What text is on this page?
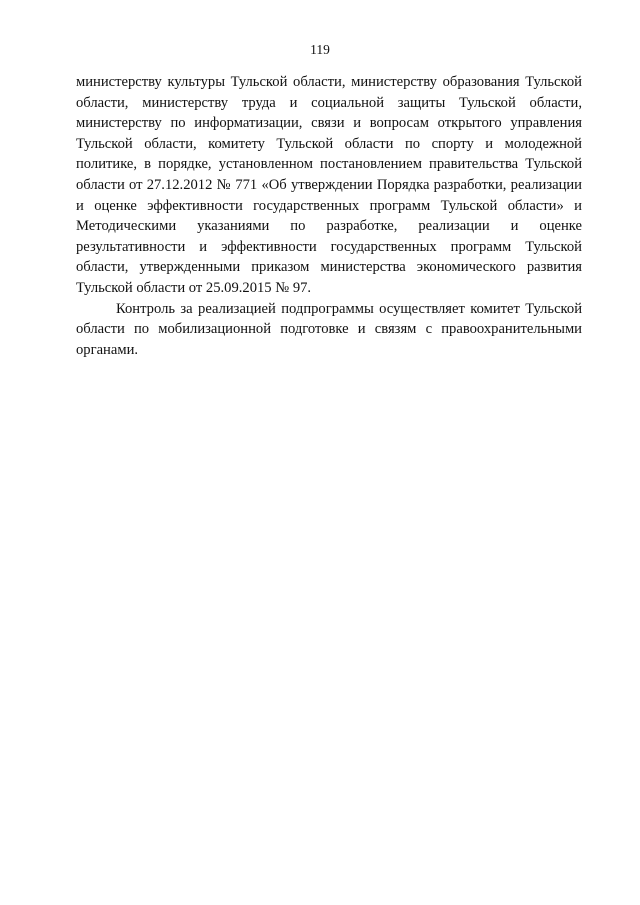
119

министерству культуры Тульской области, министерству образования Тульской области, министерству труда и социальной защиты Тульской области, министерству по информатизации, связи и вопросам открытого управления Тульской области, комитету Тульской области по спорту и молодежной политике, в порядке, установленном постановлением правительства Тульской области от 27.12.2012 № 771 «Об утверждении Порядка разработки, реализации и оценке эффективности государственных программ Тульской области» и Методическими указаниями по разработке, реализации и оценке результативности и эффективности государственных программ Тульской области, утвержденными приказом министерства экономического развития Тульской области от 25.09.2015 № 97.

Контроль за реализацией подпрограммы осуществляет комитет Тульской области по мобилизационной подготовке и связям с правоохранительными органами.
